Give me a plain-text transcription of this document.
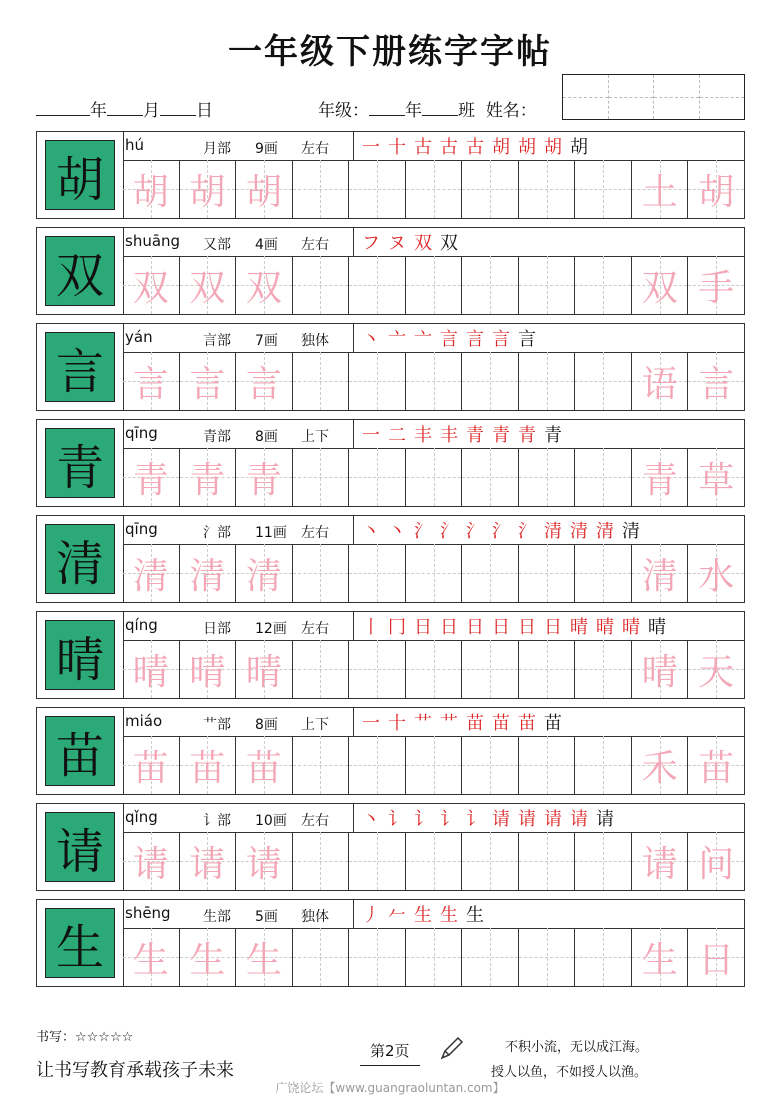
一年级下册练字字帖
年 月 日	年级： 年 班 姓名：
胡
hú	月部 9画 左右 一 十 古 古 古 胡 胡 胡 胡
胡 胡 胡	土 胡
双
shuāng 又部 4画 左右 フ ヌ 双 双
双 双 双	双 手
言
yán	言部 7画 独体 丶 亠 亠 言 言 言 言
言 言 言	语 言
青
qīng	青部 8画 上下 一 二 丰 丰 青 青 青 青
青 青 青	青 草
清
qīng	氵部 11画 左右 丶 丶 氵 氵 氵 氵 氵 清 清 清 清
清 清 清	清 水
晴
qíng	日部 12画 左右 丨 冂 日 日 日 日 日 日 晴 晴 晴 晴
晴 晴 晴	晴 天
苗
miáo	艹部 8画 上下 一 十 艹 艹 苗 苗 苗 苗
苗 苗 苗	禾 苗
请
qǐng	讠部 10画 左右 丶 讠 讠 讠 讠 请 请 请 请 请
请 请 请	请 问
生
shēng 生部 5画 独体 丿 𠂉 生 生 生
生 生 生	生 日
书写：☆☆☆☆☆
让书写教育承载孩子未来
第2页	不积小流，无以成江海。
授人以鱼，不如授人以渔。
广饶论坛【www.guangraoluntan.com】
